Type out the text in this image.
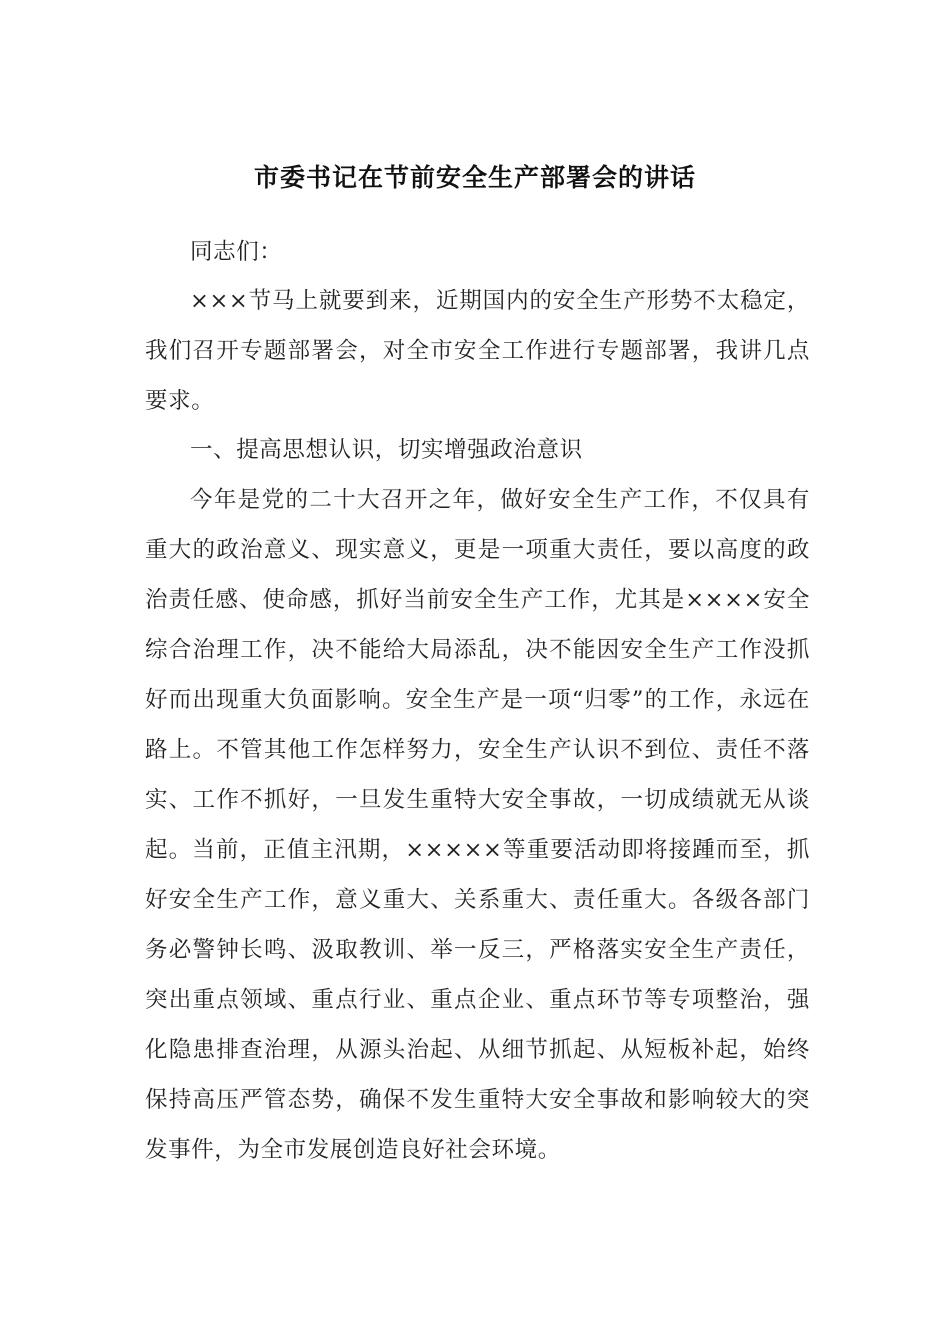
市委书记在节前安全生产部署会的讲话
同志们：

×××节马上就要到来，近期国内的安全生产形势不太稳定，我们召开专题部署会，对全市安全工作进行专题部署，我讲几点要求。

一、提高思想认识，切实增强政治意识

今年是党的二十大召开之年，做好安全生产工作，不仅具有重大的政治意义、现实意义，更是一项重大责任，要以高度的政治责任感、使命感，抓好当前安全生产工作，尤其是××××安全综合治理工作，决不能给大局添乱，决不能因安全生产工作没抓好而出现重大负面影响。安全生产是一项“归零”的工作，永远在路上。不管其他工作怎样努力，安全生产认识不到位、责任不落实、工作不抓好，一旦发生重特大安全事故，一切成绩就无从谈起。当前，正值主汛期，×××××等重要活动即将接踵而至，抓好安全生产工作，意义重大、关系重大、责任重大。各级各部门务必警钟长鸣、汲取教训、举一反三，严格落实安全生产责任，突出重点领域、重点行业、重点企业、重点环节等专项整治，强化隐患排查治理，从源头治起、从细节抓起、从短板补起，始终保持高压严管态势，确保不发生重特大安全事故和影响较大的突发事件，为全市发展创造良好社会环境。
